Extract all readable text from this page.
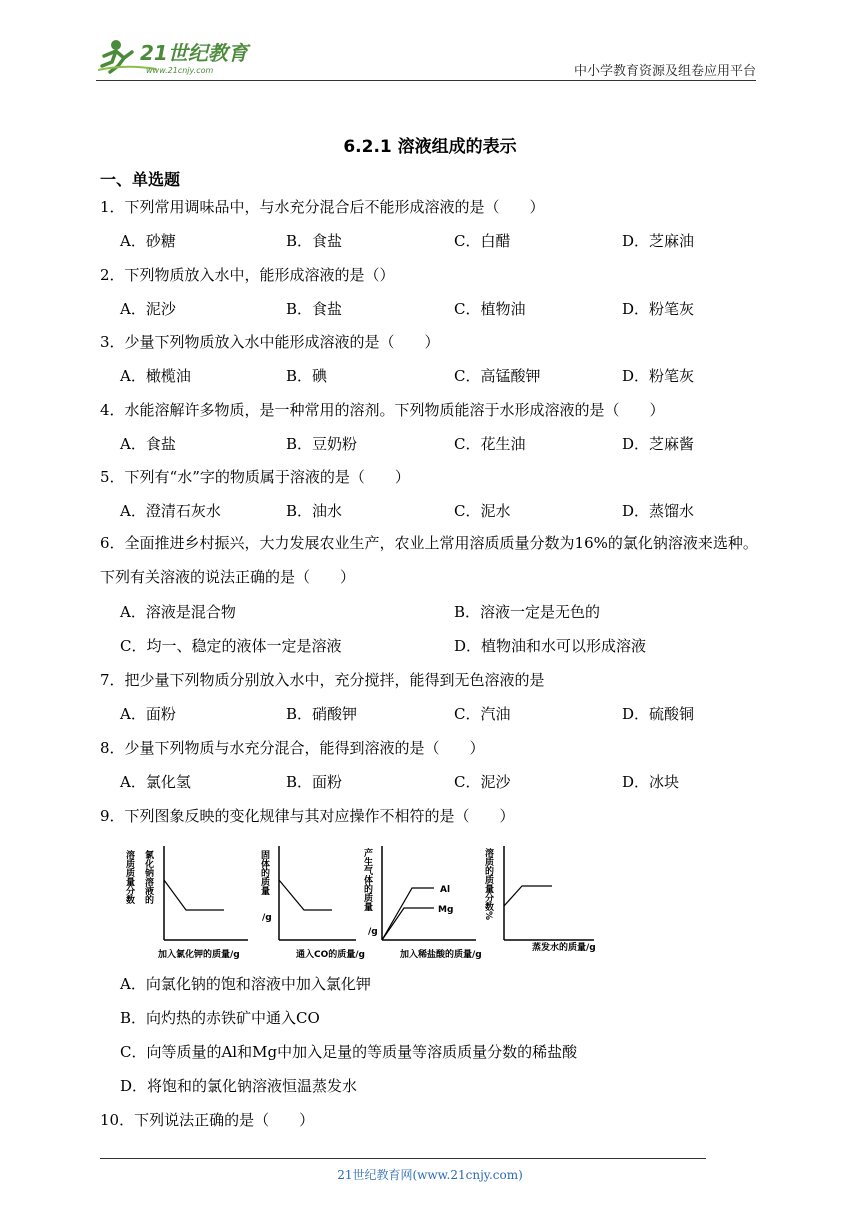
21世纪教育
www.21cnjy.com	中小学教育资源及组卷应用平台
6.2.1 溶液组成的表示
一、单选题
1．下列常用调味品中，与水充分混合后不能形成溶液的是（　　）
A．砂糖	B．食盐	C．白醋	D．芝麻油
2．下列物质放入水中，能形成溶液的是（）
A．泥沙	B．食盐	C．植物油	D．粉笔灰
3．少量下列物质放入水中能形成溶液的是（　　）
A．橄榄油	B．碘	C．高锰酸钾	D．粉笔灰
4．水能溶解许多物质，是一种常用的溶剂。下列物质能溶于水形成溶液的是（　　）
A．食盐	B．豆奶粉	C．花生油	D．芝麻酱
5．下列有“水”字的物质属于溶液的是（　　）
A．澄清石灰水	B．油水	C．泥水	D．蒸馏水
6．全面推进乡村振兴，大力发展农业生产，农业上常用溶质质量分数为16%的氯化钠溶液来选种。下列有关溶液的说法正确的是（　　）
A．溶液是混合物	B．溶液一定是无色的
C．均一、稳定的液体一定是溶液	D．植物油和水可以形成溶液
7．把少量下列物质分别放入水中，充分搅拌，能得到无色溶液的是
A．面粉	B．硝酸钾	C．汽油	D．硫酸铜
8．少量下列物质与水充分混合，能得到溶液的是（　　）
A．氯化氢	B．面粉	C．泥沙	D．冰块
9．下列图象反映的变化规律与其对应操作不相符的是（　　）
溶质质量分数 氯化钠溶液的
加入氯化钾的质量/g
固体的质量
/g
通入CO的质量/g
产生气体的质量
/g
Al
Mg
加入稀盐酸的质量/g
溶质的质量分数%
蒸发水的质量/g
A．向氯化钠的饱和溶液中加入氯化钾
B．向灼热的赤铁矿中通入CO
C．向等质量的Al和Mg中加入足量的等质量等溶质质量分数的稀盐酸
D．将饱和的氯化钠溶液恒温蒸发水
10．下列说法正确的是（　　）
21世纪教育网(www.21cnjy.com)
